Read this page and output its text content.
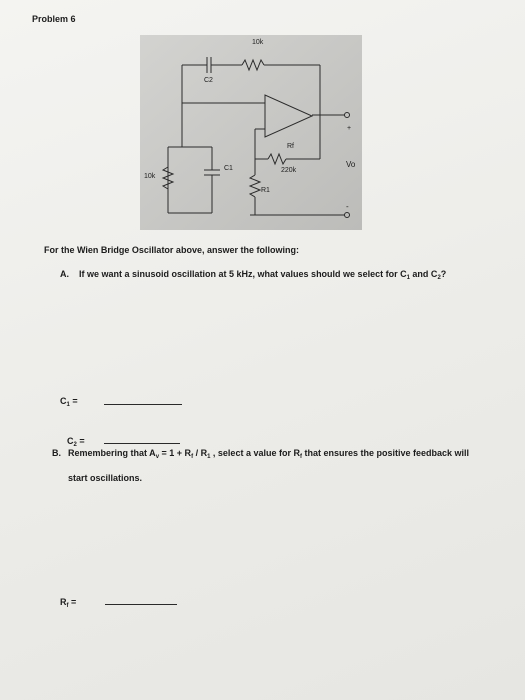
Problem 6
10k
C2
Rf
220k
10k
C1
R1
Vo
-
+
For the Wien Bridge Oscillator above, answer the following:
A. If we want a sinusoid oscillation at 5 kHz, what values should we select for $C_1$ and $C_2$?
$C_1$ =
$C_2$ =
B. Remembering that $A_v = 1 + R_f / R_1$ , select a value for $R_f$ that ensures the positive feedback will
start oscillations.
$R_f$ =
